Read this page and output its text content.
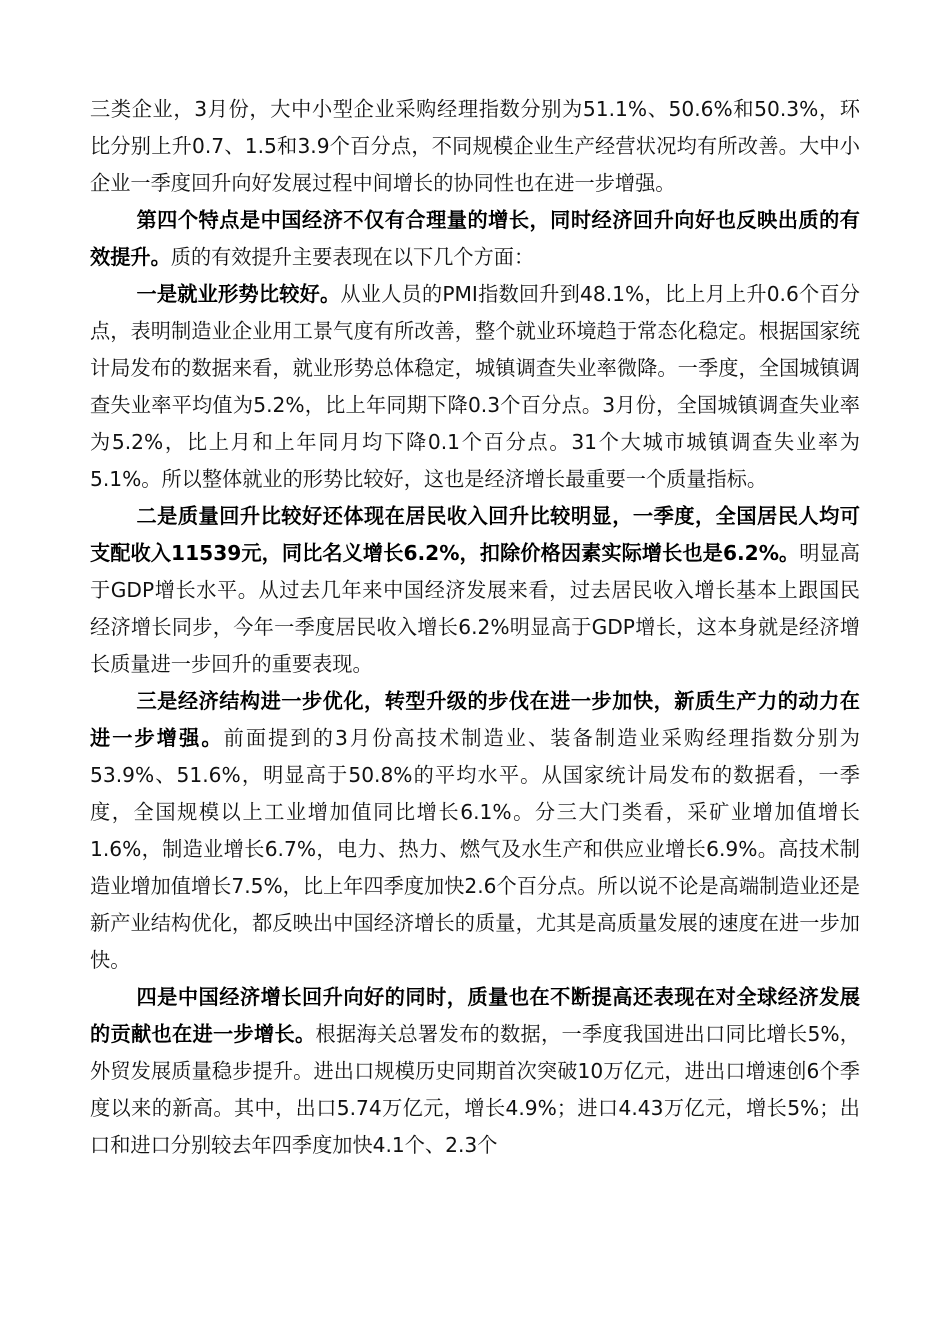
三类企业，3月份，大中小型企业采购经理指数分别为51.1%、50.6%和50.3%，环比分别上升0.7、1.5和3.9个百分点，不同规模企业生产经营状况均有所改善。大中小企业一季度回升向好发展过程中间增长的协同性也在进一步增强。

第四个特点是中国经济不仅有合理量的增长，同时经济回升向好也反映出质的有效提升。质的有效提升主要表现在以下几个方面：

一是就业形势比较好。从业人员的PMI指数回升到48.1%，比上月上升0.6个百分点，表明制造业企业用工景气度有所改善，整个就业环境趋于常态化稳定。根据国家统计局发布的数据来看，就业形势总体稳定，城镇调查失业率微降。一季度，全国城镇调查失业率平均值为5.2%，比上年同期下降0.3个百分点。3月份，全国城镇调查失业率为5.2%，比上月和上年同月均下降0.1个百分点。31个大城市城镇调查失业率为5.1%。所以整体就业的形势比较好，这也是经济增长最重要一个质量指标。

二是质量回升比较好还体现在居民收入回升比较明显，一季度，全国居民人均可支配收入11539元，同比名义增长6.2%，扣除价格因素实际增长也是6.2%。明显高于GDP增长水平。从过去几年来中国经济发展来看，过去居民收入增长基本上跟国民经济增长同步，今年一季度居民收入增长6.2%明显高于GDP增长，这本身就是经济增长质量进一步回升的重要表现。

三是经济结构进一步优化，转型升级的步伐在进一步加快，新质生产力的动力在进一步增强。前面提到的3月份高技术制造业、装备制造业采购经理指数分别为53.9%、51.6%，明显高于50.8%的平均水平。从国家统计局发布的数据看，一季度，全国规模以上工业增加值同比增长6.1%。分三大门类看，采矿业增加值增长1.6%，制造业增长6.7%，电力、热力、燃气及水生产和供应业增长6.9%。高技术制造业增加值增长7.5%，比上年四季度加快2.6个百分点。所以说不论是高端制造业还是新产业结构优化，都反映出中国经济增长的质量，尤其是高质量发展的速度在进一步加快。

四是中国经济增长回升向好的同时，质量也在不断提高还表现在对全球经济发展的贡献也在进一步增长。根据海关总署发布的数据，一季度我国进出口同比增长5%，外贸发展质量稳步提升。进出口规模历史同期首次突破10万亿元，进出口增速创6个季度以来的新高。其中，出口5.74万亿元，增长4.9%；进口4.43万亿元，增长5%；出口和进口分别较去年四季度加快4.1个、2.3个
